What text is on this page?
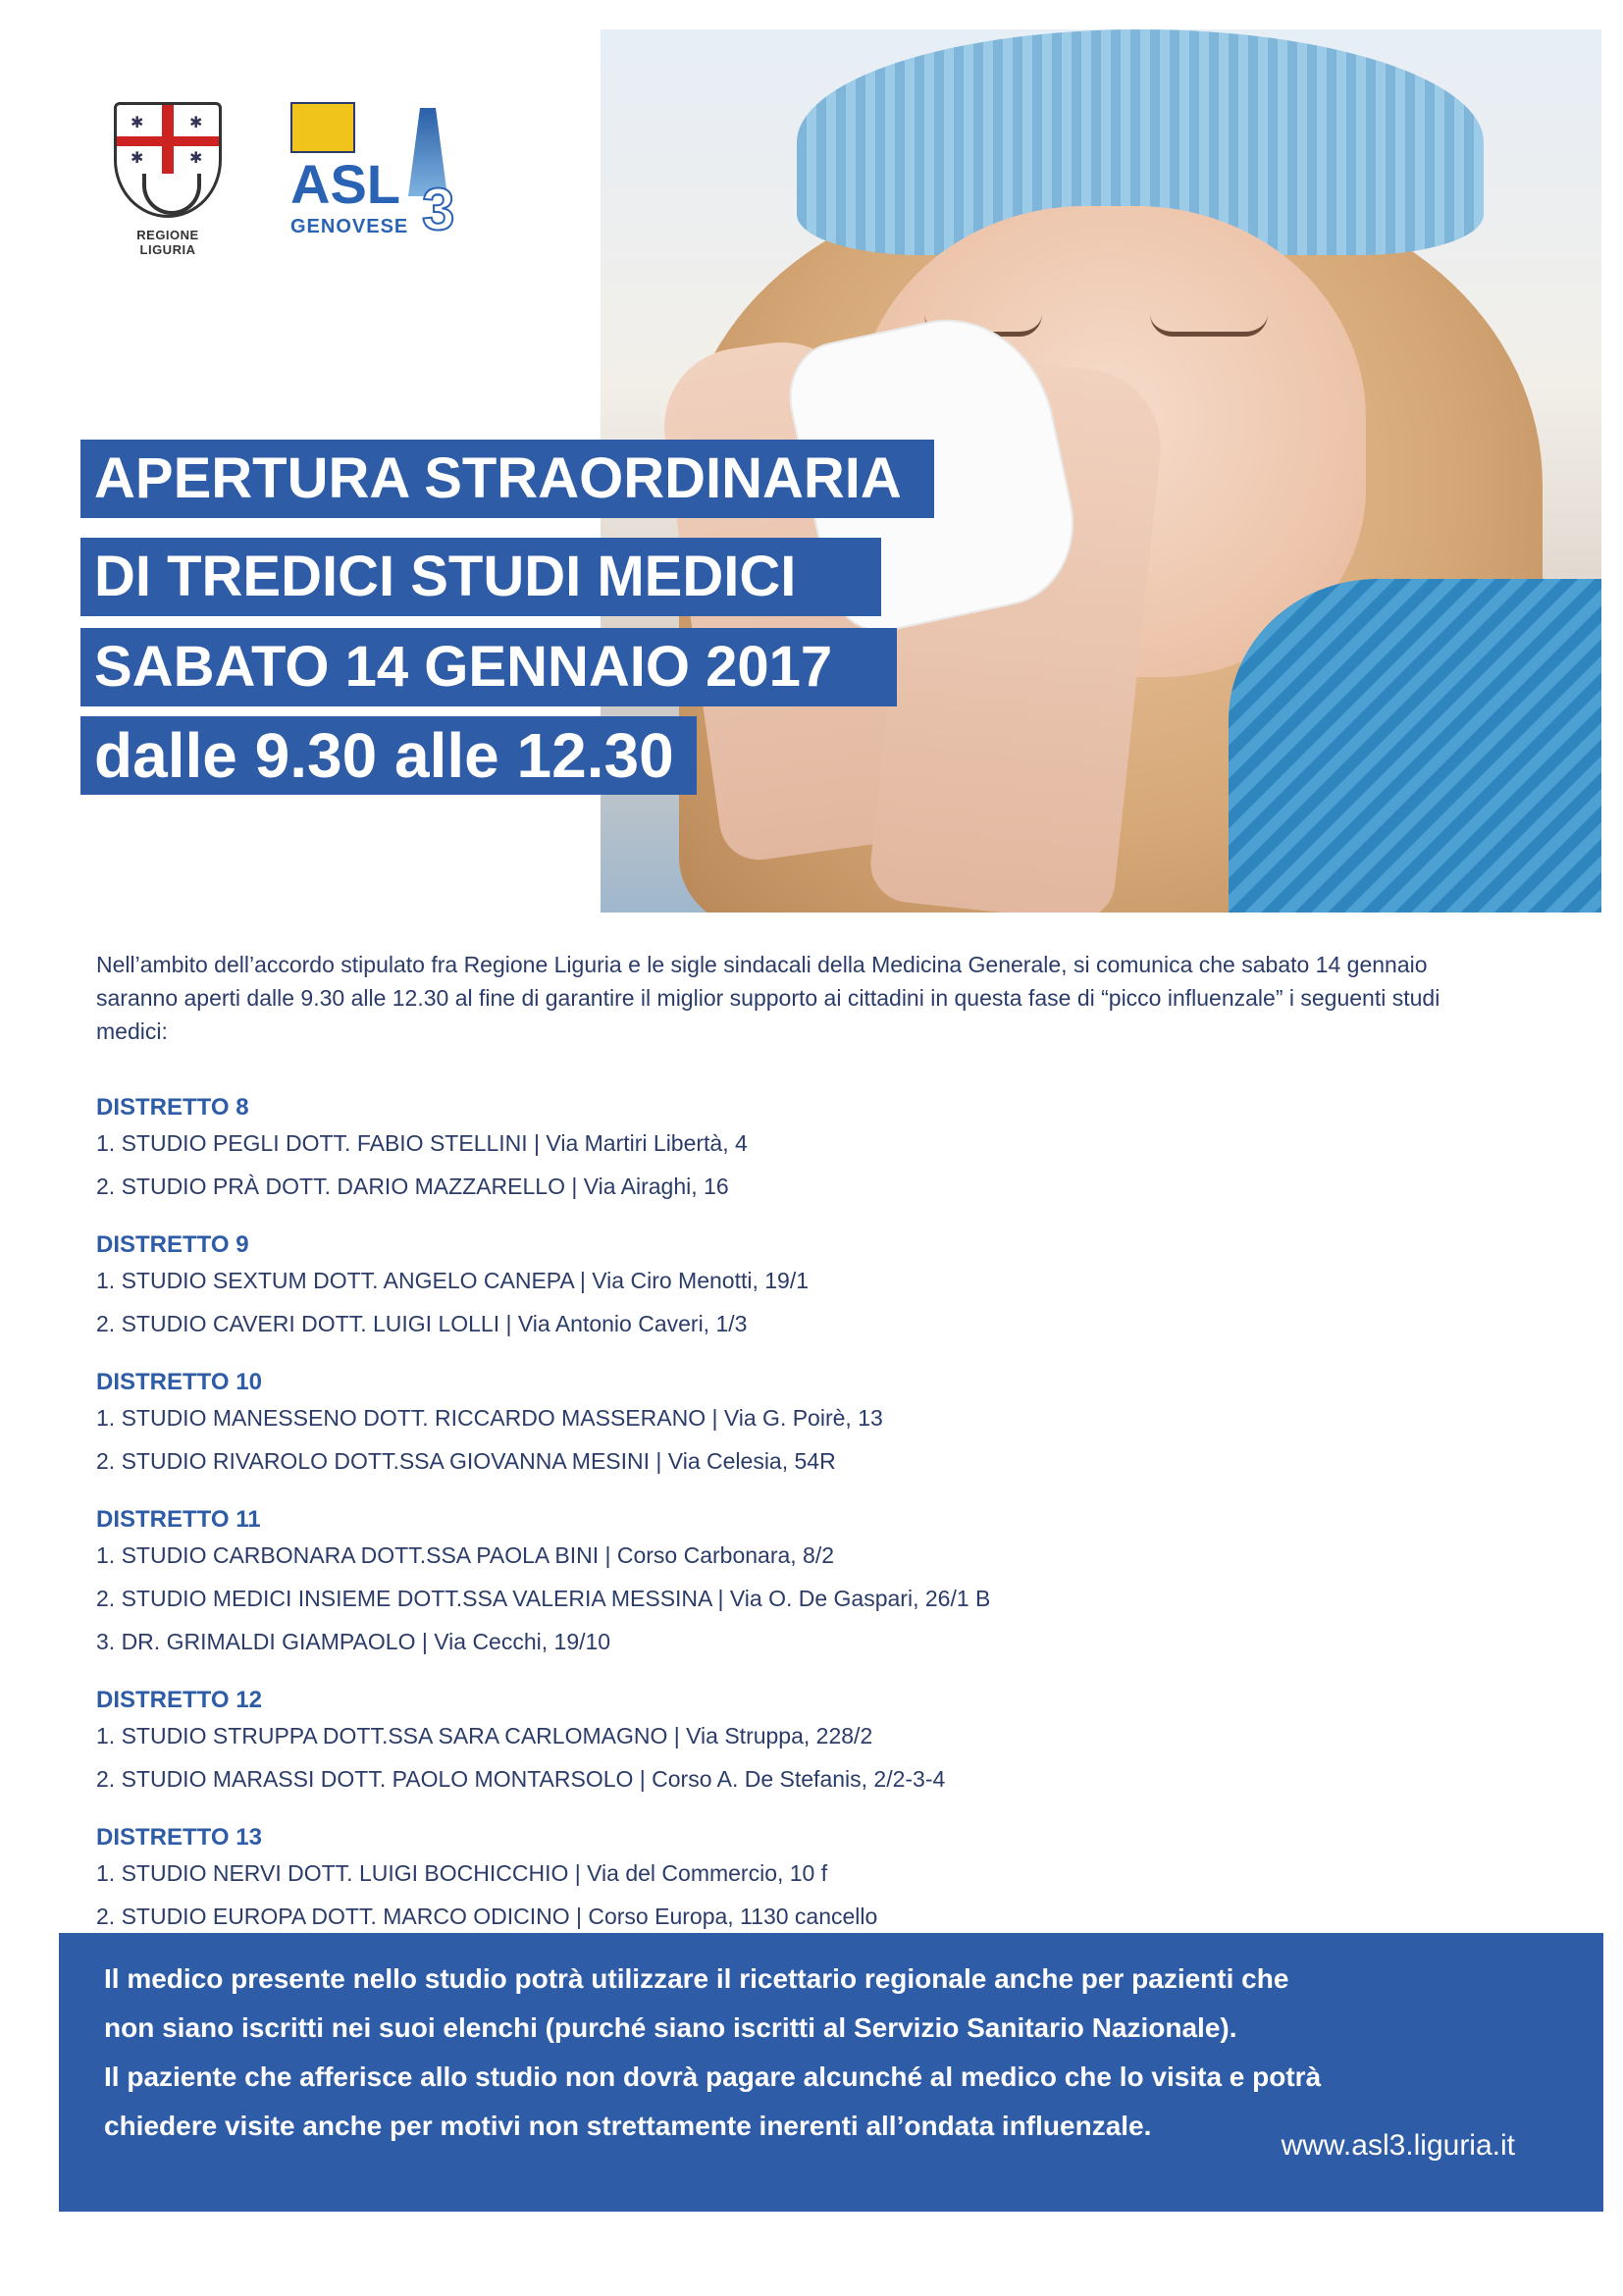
✱	✱
✱	✱
REGIONE LIGURIA
ASL 3
GENOVESE
APERTURA STRAORDINARIA
DI TREDICI STUDI MEDICI
SABATO 14 GENNAIO 2017
dalle 9.30 alle 12.30
Nell’ambito dell’accordo stipulato fra Regione Liguria e le sigle sindacali della Medicina Generale, si comunica che sabato 14 gennaio saranno aperti dalle 9.30 alle 12.30 al fine di garantire il miglior supporto ai cittadini in questa fase di “picco influenzale” i seguenti studi medici:
DISTRETTO 8
1. STUDIO PEGLI DOTT. FABIO STELLINI | Via Martiri Libertà, 4
2. STUDIO PRÀ DOTT. DARIO MAZZARELLO | Via Airaghi, 16
DISTRETTO 9
1. STUDIO SEXTUM DOTT. ANGELO CANEPA | Via Ciro Menotti, 19/1
2. STUDIO CAVERI DOTT. LUIGI LOLLI | Via Antonio Caveri, 1/3
DISTRETTO 10
1. STUDIO MANESSENO DOTT. RICCARDO MASSERANO | Via G. Poirè, 13
2. STUDIO RIVAROLO DOTT.SSA GIOVANNA MESINI | Via Celesia, 54R
DISTRETTO 11
1. STUDIO CARBONARA DOTT.SSA PAOLA BINI | Corso Carbonara, 8/2
2. STUDIO MEDICI INSIEME DOTT.SSA VALERIA MESSINA | Via O. De Gaspari, 26/1 B
3. DR. GRIMALDI GIAMPAOLO | Via Cecchi, 19/10
DISTRETTO 12
1. STUDIO STRUPPA DOTT.SSA SARA CARLOMAGNO | Via Struppa, 228/2
2. STUDIO MARASSI DOTT. PAOLO MONTARSOLO | Corso A. De Stefanis, 2/2-3-4
DISTRETTO 13
1. STUDIO NERVI DOTT. LUIGI BOCHICCHIO | Via del Commercio, 10 f
2. STUDIO EUROPA DOTT. MARCO ODICINO | Corso Europa, 1130 cancello
Il medico presente nello studio potrà utilizzare il ricettario regionale anche per pazienti che
non siano iscritti nei suoi elenchi (purché siano iscritti al Servizio Sanitario Nazionale).
Il paziente che afferisce allo studio non dovrà pagare alcunché al medico che lo visita e potrà
chiedere visite anche per motivi non strettamente inerenti all’ondata influenzale.
www.asl3.liguria.it
